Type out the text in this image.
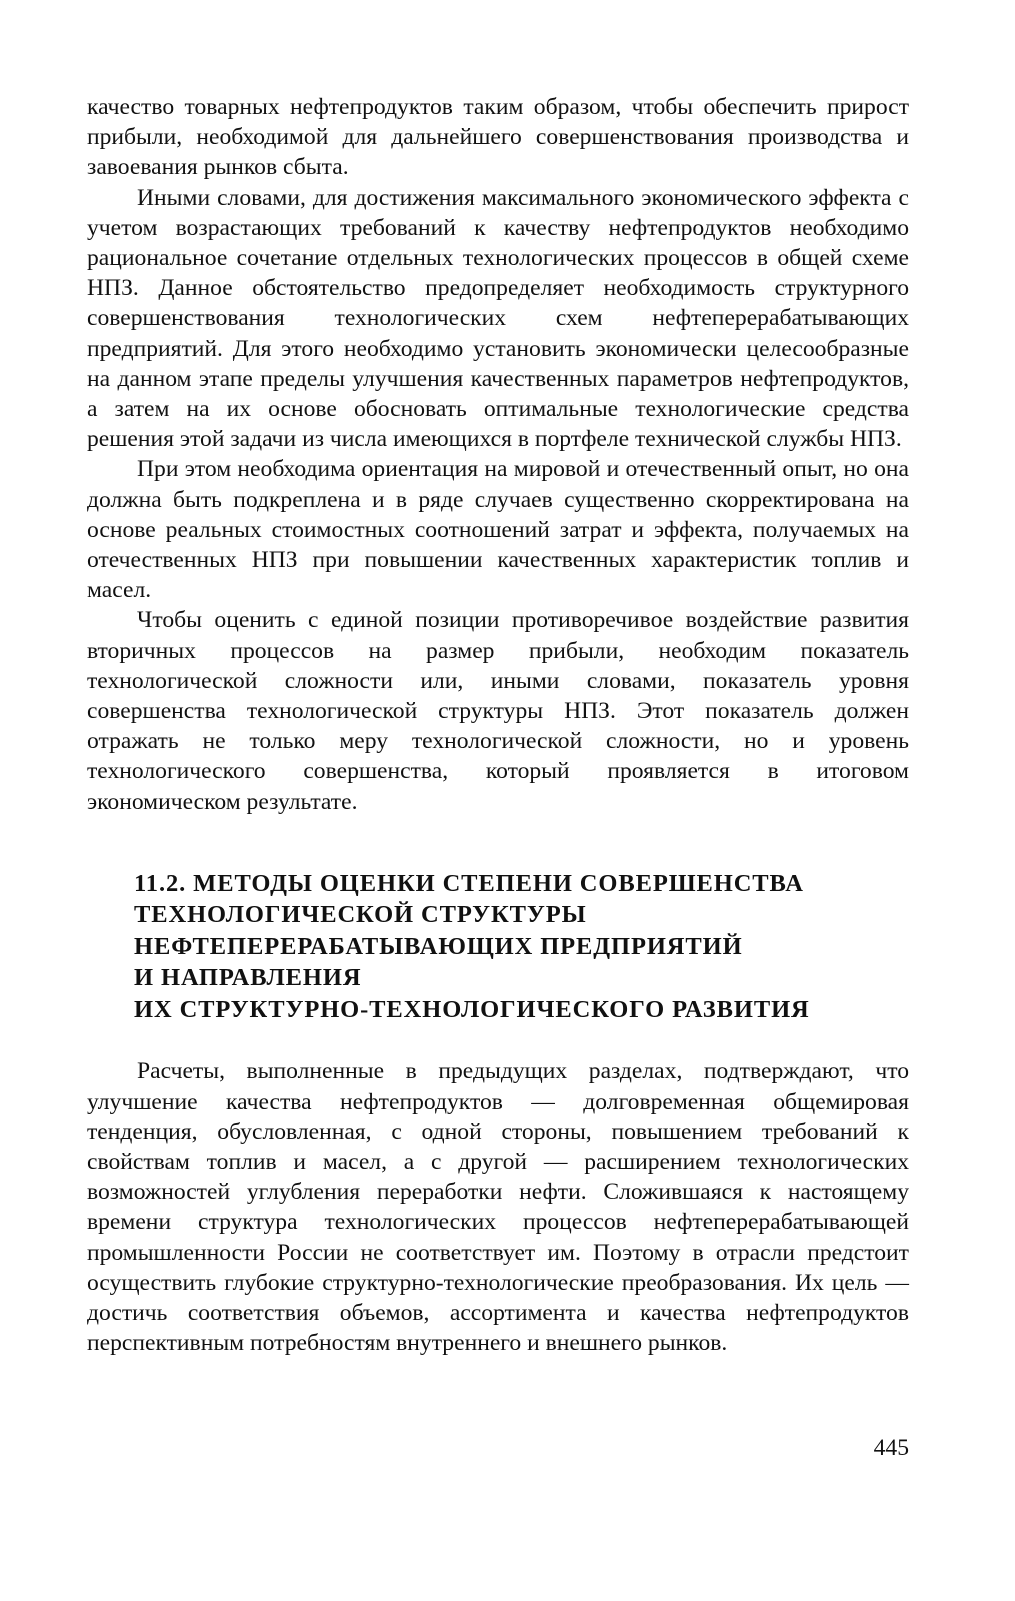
качество товарных нефтепродуктов таким образом, чтобы обеспечить прирост прибыли, необходимой для дальнейшего совершенствования производства и завоевания рынков сбыта.

Иными словами, для достижения максимального экономического эффекта с учетом возрастающих требований к качеству нефтепродуктов необходимо рациональное сочетание отдельных технологических процессов в общей схеме НПЗ. Данное обстоятельство предопределяет необходимость структурного совершенствования технологических схем нефтеперерабатывающих предприятий. Для этого необходимо установить экономически целесообразные на данном этапе пределы улучшения качественных параметров нефтепродуктов, а затем на их основе обосновать оптимальные технологические средства решения этой задачи из числа имеющихся в портфеле технической службы НПЗ.

При этом необходима ориентация на мировой и отечественный опыт, но она должна быть подкреплена и в ряде случаев существенно скорректирована на основе реальных стоимостных соотношений затрат и эффекта, получаемых на отечественных НПЗ при повышении качественных характеристик топлив и масел.

Чтобы оценить с единой позиции противоречивое воздействие развития вторичных процессов на размер прибыли, необходим показатель технологической сложности или, иными словами, показатель уровня совершенства технологической структуры НПЗ. Этот показатель должен отражать не только меру технологической сложности, но и уровень технологического совершенства, который проявляется в итоговом экономическом результате.

11.2. МЕТОДЫ ОЦЕНКИ СТЕПЕНИ СОВЕРШЕНСТВА
ТЕХНОЛОГИЧЕСКОЙ СТРУКТУРЫ
НЕФТЕПЕРЕРАБАТЫВАЮЩИХ ПРЕДПРИЯТИЙ
И НАПРАВЛЕНИЯ
ИХ СТРУКТУРНО-ТЕХНОЛОГИЧЕСКОГО РАЗВИТИЯ

Расчеты, выполненные в предыдущих разделах, подтверждают, что улучшение качества нефтепродуктов — долговременная общемировая тенденция, обусловленная, с одной стороны, повышением требований к свойствам топлив и масел, а с другой — расширением технологических возможностей углубления переработки нефти. Сложившаяся к настоящему времени структура технологических процессов нефтеперерабатывающей промышленности России не соответствует им. Поэтому в отрасли предстоит осуществить глубокие структурно-технологические преобразования. Их цель — достичь соответствия объемов, ассортимента и качества нефтепродуктов перспективным потребностям внутреннего и внешнего рынков.

445
